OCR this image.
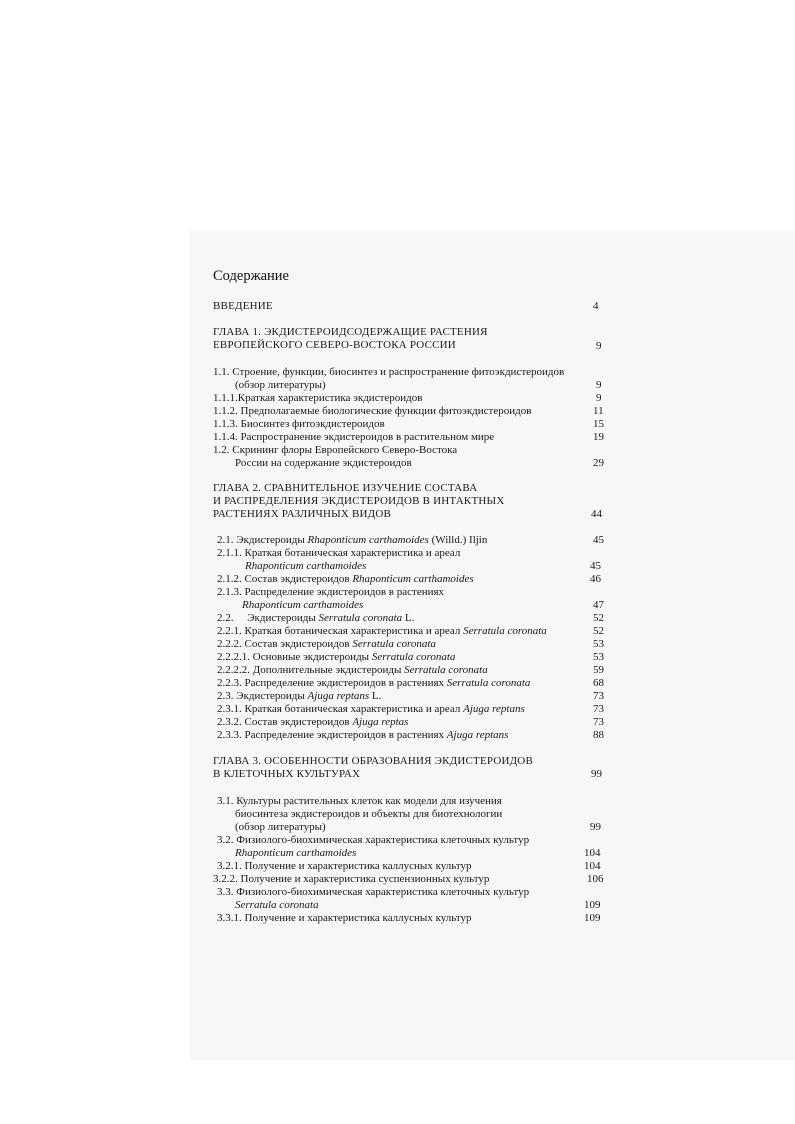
Содержание
ВВЕДЕНИЕ	4
ГЛАВА 1. ЭКДИСТЕРОИДСОДЕРЖАЩИЕ РАСТЕНИЯ
ЕВРОПЕЙСКОГО СЕВЕРО-ВОСТОКА РОССИИ	9
1.1. Строение, функции, биосинтез и распространение фитоэкдистероидов
(обзор литературы)	9
1.1.1.Краткая характеристика экдистероидов	9
1.1.2. Предполагаемые биологические функции фитоэкдистероидов	11
1.1.3. Биосинтез фитоэкдистероидов	15
1.1.4. Распространение экдистероидов в растительном мире	19
1.2. Скрининг флоры Европейского Северо-Востока
России на содержание экдистероидов	29
ГЛАВА 2. СРАВНИТЕЛЬНОЕ ИЗУЧЕНИЕ СОСТАВА
И РАСПРЕДЕЛЕНИЯ ЭКДИСТЕРОИДОВ В ИНТАКТНЫХ
РАСТЕНИЯХ РАЗЛИЧНЫХ ВИДОВ	44
2.1. Экдистероиды Rhaponticum carthamoides (Willd.) Iljin	45
2.1.1. Краткая ботаническая характеристика и ареал
Rhaponticum carthamoides	45
2.1.2. Состав экдистероидов Rhaponticum carthamoides	46
2.1.3. Распределение экдистероидов в растениях
Rhaponticum carthamoides	47
2.2.     Экдистероиды Serratula coronata L.	52
2.2.1. Краткая ботаническая характеристика и ареал Serratula coronata	52
2.2.2. Состав экдистероидов Serratula coronata	53
2.2.2.1. Основные экдистероиды Serratula coronata	53
2.2.2.2. Дополнительные экдистероиды Serratula coronata	59
2.2.3. Распределение экдистероидов в растениях Serratula coronata	68
2.3. Экдистероиды Ajuga reptans L.	73
2.3.1. Краткая ботаническая характеристика и ареал Ajuga reptans	73
2.3.2. Состав экдистероидов Ajuga reptas	73
2.3.3. Распределение экдистероидов в растениях Ajuga reptans	88
ГЛАВА 3. ОСОБЕННОСТИ ОБРАЗОВАНИЯ ЭКДИСТЕРОИДОВ
В КЛЕТОЧНЫХ КУЛЬТУРАХ	99
3.1. Культуры растительных клеток как модели для изучения
биосинтеза экдистероидов и объекты для биотехнологии
(обзор литературы)	99
3.2. Физиолого-биохимическая характеристика клеточных культур
Rhaponticum carthamoides	104
3.2.1. Получение и характеристика каллусных культур	104
3.2.2. Получение и характеристика суспензионных культур	106
3.3. Физиолого-биохимическая характеристика клеточных культур
Serratula coronata	109
3.3.1. Получение и характеристика каллусных культур	109
